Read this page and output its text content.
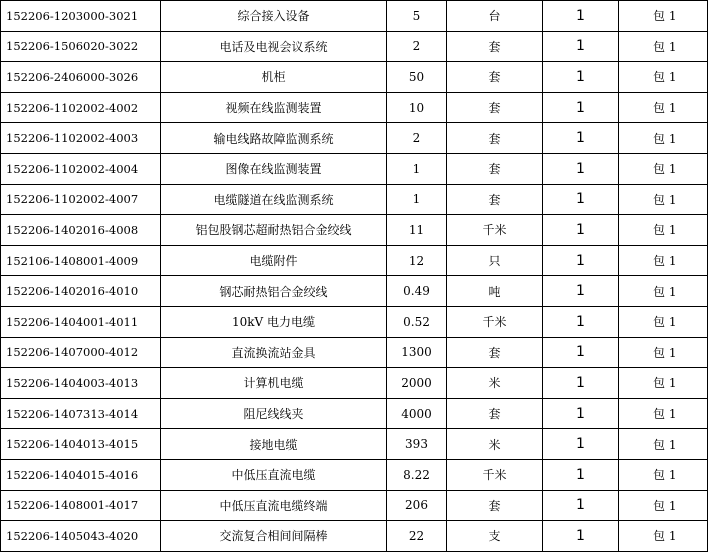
152206-1203000-3021	综合接入设备	5	台	1	包 1
152206-1506020-3022	电话及电视会议系统	2	套	1	包 1
152206-2406000-3026	机柜	50	套	1	包 1
152206-1102002-4002	视频在线监测装置	10	套	1	包 1
152206-1102002-4003	输电线路故障监测系统	2	套	1	包 1
152206-1102002-4004	图像在线监测装置	1	套	1	包 1
152206-1102002-4007	电缆隧道在线监测系统	1	套	1	包 1
152206-1402016-4008	铝包股钢芯超耐热铝合金绞线	11	千米	1	包 1
152106-1408001-4009	电缆附件	12	只	1	包 1
152206-1402016-4010	钢芯耐热铝合金绞线	0.49	吨	1	包 1
152206-1404001-4011	10kV 电力电缆	0.52	千米	1	包 1
152206-1407000-4012	直流换流站金具	1300	套	1	包 1
152206-1404003-4013	计算机电缆	2000	米	1	包 1
152206-1407313-4014	阻尼线线夹	4000	套	1	包 1
152206-1404013-4015	接地电缆	393	米	1	包 1
152206-1404015-4016	中低压直流电缆	8.22	千米	1	包 1
152206-1408001-4017	中低压直流电缆终端	206	套	1	包 1
152206-1405043-4020	交流复合相间间隔棒	22	支	1	包 1
